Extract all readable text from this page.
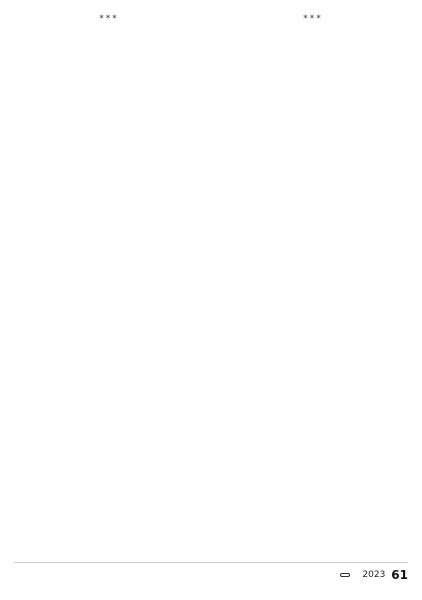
***	***

2023 61
